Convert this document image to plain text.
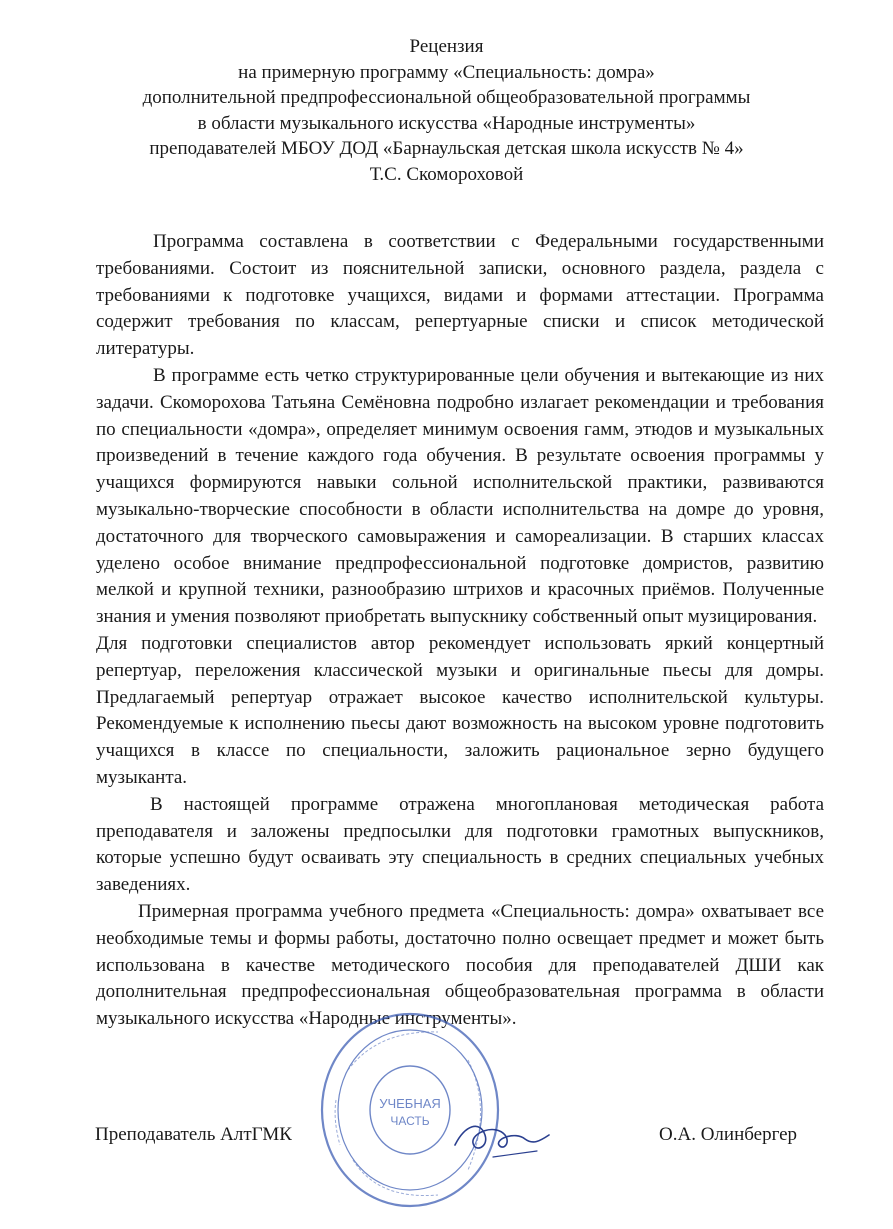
Рецензия
на примерную программу «Специальность: домра»
дополнительной предпрофессиональной общеобразовательной программы
в области музыкального искусства «Народные инструменты»
преподавателей МБОУ ДОД «Барнаульская детская школа искусств № 4»
Т.С. Скомороховой

Программа составлена в соответствии с Федеральными государственными требованиями. Состоит из пояснительной записки, основного раздела, раздела с требованиями к подготовке учащихся, видами и формами аттестации. Программа содержит требования по классам, репертуарные списки и список методической литературы.

В программе есть четко структурированные цели обучения и вытекающие из них задачи. Скоморохова Татьяна Семёновна подробно излагает рекомендации и требования по специальности «домра», определяет минимум освоения гамм, этюдов и музыкальных произведений в течение каждого года обучения. В результате освоения программы у учащихся формируются навыки сольной исполнительской практики, развиваются музыкально-творческие способности в области исполнительства на домре до уровня, достаточного для творческого самовыражения и самореализации. В старших классах уделено особое внимание предпрофессиональной подготовке домристов, развитию мелкой и крупной техники, разнообразию штрихов и красочных приёмов. Полученные знания и умения позволяют приобретать выпускнику собственный опыт музицирования.

Для подготовки специалистов автор рекомендует использовать яркий концертный репертуар, переложения классической музыки и оригинальные пьесы для домры. Предлагаемый репертуар отражает высокое качество исполнительской культуры. Рекомендуемые к исполнению пьесы дают возможность на высоком уровне подготовить учащихся в классе по специальности, заложить рациональное зерно будущего музыканта.

В настоящей программе отражена многоплановая методическая работа преподавателя и заложены предпосылки для подготовки грамотных выпускников, которые успешно будут осваивать эту специальность в средних специальных учебных заведениях.

Примерная программа учебного предмета «Специальность: домра» охватывает все необходимые темы и формы работы, достаточно полно освещает предмет и может быть использована в качестве методического пособия для преподавателей ДШИ как дополнительная предпрофессиональная общеобразовательная программа в области музыкального искусства «Народные инструменты».

УЧЕБНАЯ
ЧАСТЬ
Преподаватель АлтГМК	О.А. Олинбергер
